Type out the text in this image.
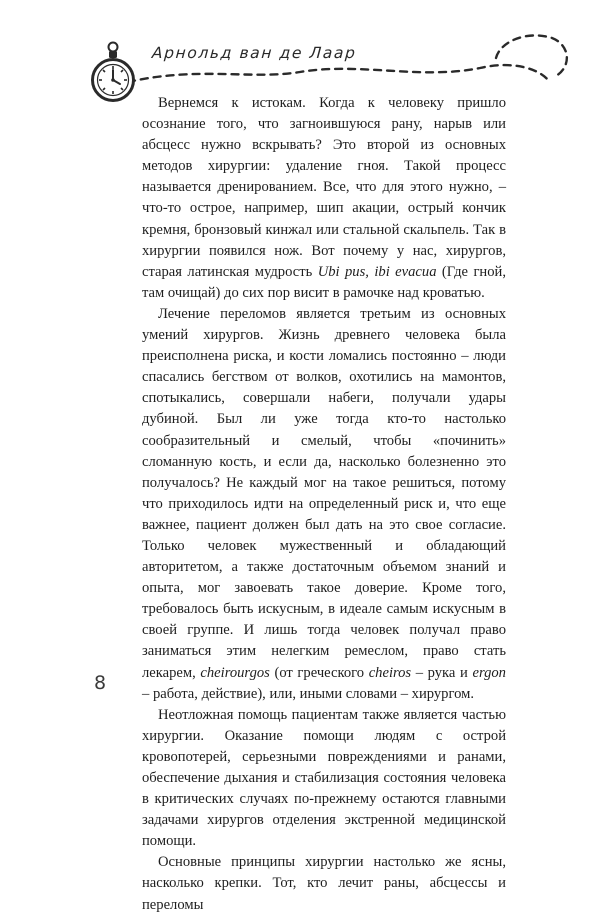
Арнольд ван де Лаар

Вернемся к истокам. Когда к человеку пришло осознание того, что загноившуюся рану, нарыв или абсцесс нужно вскрывать? Это второй из основных методов хирургии: удаление гноя. Такой процесс называется дренированием. Все, что для этого нужно, – что-то острое, например, шип акации, острый кончик кремня, бронзовый кинжал или стальной скальпель. Так в хирургии появился нож. Вот почему у нас, хирургов, старая латинская мудрость Ubi pus, ibi evacua (Где гной, там очищай) до сих пор висит в рамочке над кроватью.

Лечение переломов является третьим из основных умений хирургов. Жизнь древнего человека была преисполнена риска, и кости ломались постоянно – люди спасались бегством от волков, охотились на мамонтов, спотыкались, совершали набеги, получали удары дубиной. Был ли уже тогда кто-то настолько сообразительный и смелый, чтобы «починить» сломанную кость, и если да, насколько болезненно это получалось? Не каждый мог на такое решиться, потому что приходилось идти на определенный риск и, что еще важнее, пациент должен был дать на это свое согласие. Только человек мужественный и обладающий авторитетом, а также достаточным объемом знаний и опыта, мог завоевать такое доверие. Кроме того, требовалось быть искусным, в идеале самым искусным в своей группе. И лишь тогда человек получал право заниматься этим нелегким ремеслом, право стать лекарем, cheirourgos (от греческого cheiros – рука и ergon – работа, действие), или, иными словами – хирургом.

Неотложная помощь пациентам также является частью хирургии. Оказание помощи людям с острой кровопотерей, серьезными повреждениями и ранами, обеспечение дыхания и стабилизация состояния человека в критических случаях по-прежнему остаются главными задачами хирургов отделения экстренной медицинской помощи.

Основные принципы хирургии настолько же ясны, насколько крепки. Тот, кто лечит раны, абсцессы и переломы

8
